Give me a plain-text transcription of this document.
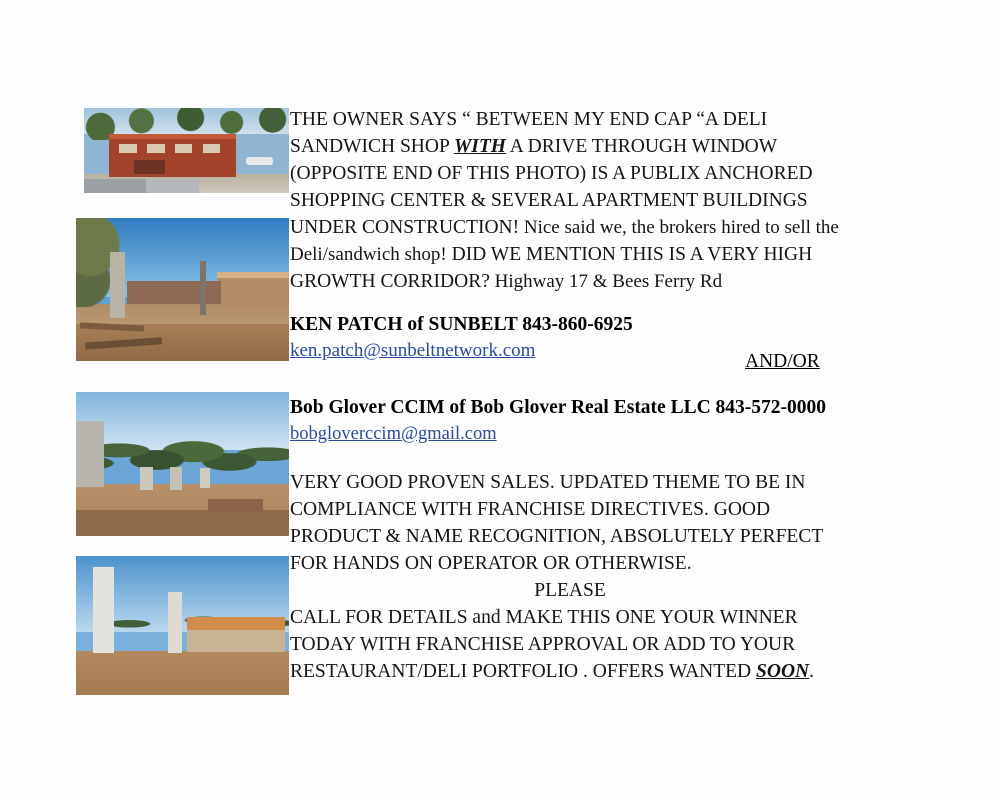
THE OWNER SAYS “ BETWEEN MY END CAP “A DELI
SANDWICH SHOP WITH A DRIVE THROUGH WINDOW
(OPPOSITE END OF THIS PHOTO) IS A PUBLIX ANCHORED
SHOPPING CENTER & SEVERAL APARTMENT BUILDINGS
UNDER CONSTRUCTION! Nice said we, the brokers hired to sell the
Deli/sandwich shop! DID WE MENTION THIS IS A VERY HIGH
GROWTH CORRIDOR? Highway 17 & Bees Ferry Rd
KEN PATCH of SUNBELT 843-860-6925
ken.patch@sunbeltnetwork.com
AND/OR
Bob Glover CCIM of Bob Glover Real Estate LLC 843-572-0000
bobgloverccim@gmail.com
VERY GOOD PROVEN SALES. UPDATED THEME TO BE IN
COMPLIANCE WITH FRANCHISE DIRECTIVES. GOOD
PRODUCT & NAME RECOGNITION, ABSOLUTELY PERFECT
FOR HANDS ON OPERATOR OR OTHERWISE.
PLEASE
CALL FOR DETAILS and MAKE THIS ONE YOUR WINNER
TODAY WITH FRANCHISE APPROVAL OR ADD TO YOUR
RESTAURANT/DELI PORTFOLIO . OFFERS WANTED SOON.
